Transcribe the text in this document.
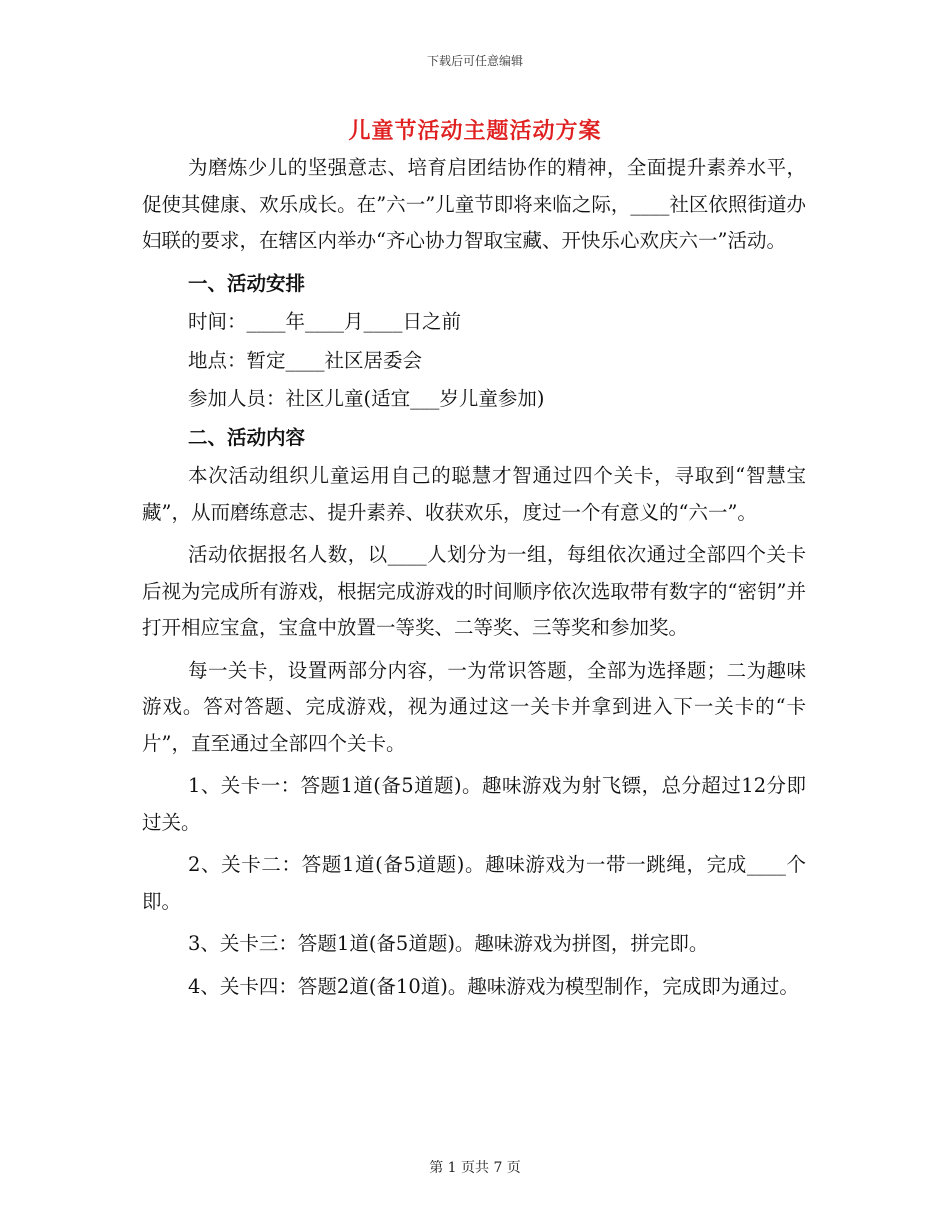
下载后可任意编辑
儿童节活动主题活动方案

为磨炼少儿的坚强意志、培育启团结协作的精神，全面提升素养水平，促使其健康、欢乐成长。在”六一”儿童节即将来临之际，____社区依照街道办妇联的要求，在辖区内举办“齐心协力智取宝藏、开快乐心欢庆六一”活动。

一、活动安排

时间：____年____月____日之前

地点：暂定____社区居委会

参加人员：社区儿童(适宜___岁儿童参加)

二、活动内容

本次活动组织儿童运用自己的聪慧才智通过四个关卡，寻取到“智慧宝藏”，从而磨练意志、提升素养、收获欢乐，度过一个有意义的“六一”。

活动依据报名人数，以____人划分为一组，每组依次通过全部四个关卡后视为完成所有游戏，根据完成游戏的时间顺序依次选取带有数字的“密钥”并打开相应宝盒，宝盒中放置一等奖、二等奖、三等奖和参加奖。

每一关卡，设置两部分内容，一为常识答题，全部为选择题；二为趣味游戏。答对答题、完成游戏，视为通过这一关卡并拿到进入下一关卡的“卡片”，直至通过全部四个关卡。

1、关卡一：答题1道(备5道题)。趣味游戏为射飞镖，总分超过12分即过关。

2、关卡二：答题1道(备5道题)。趣味游戏为一带一跳绳，完成____个即。

3、关卡三：答题1道(备5道题)。趣味游戏为拼图，拼完即。

4、关卡四：答题2道(备10道)。趣味游戏为模型制作，完成即为通过。

第 1 页共 7 页
